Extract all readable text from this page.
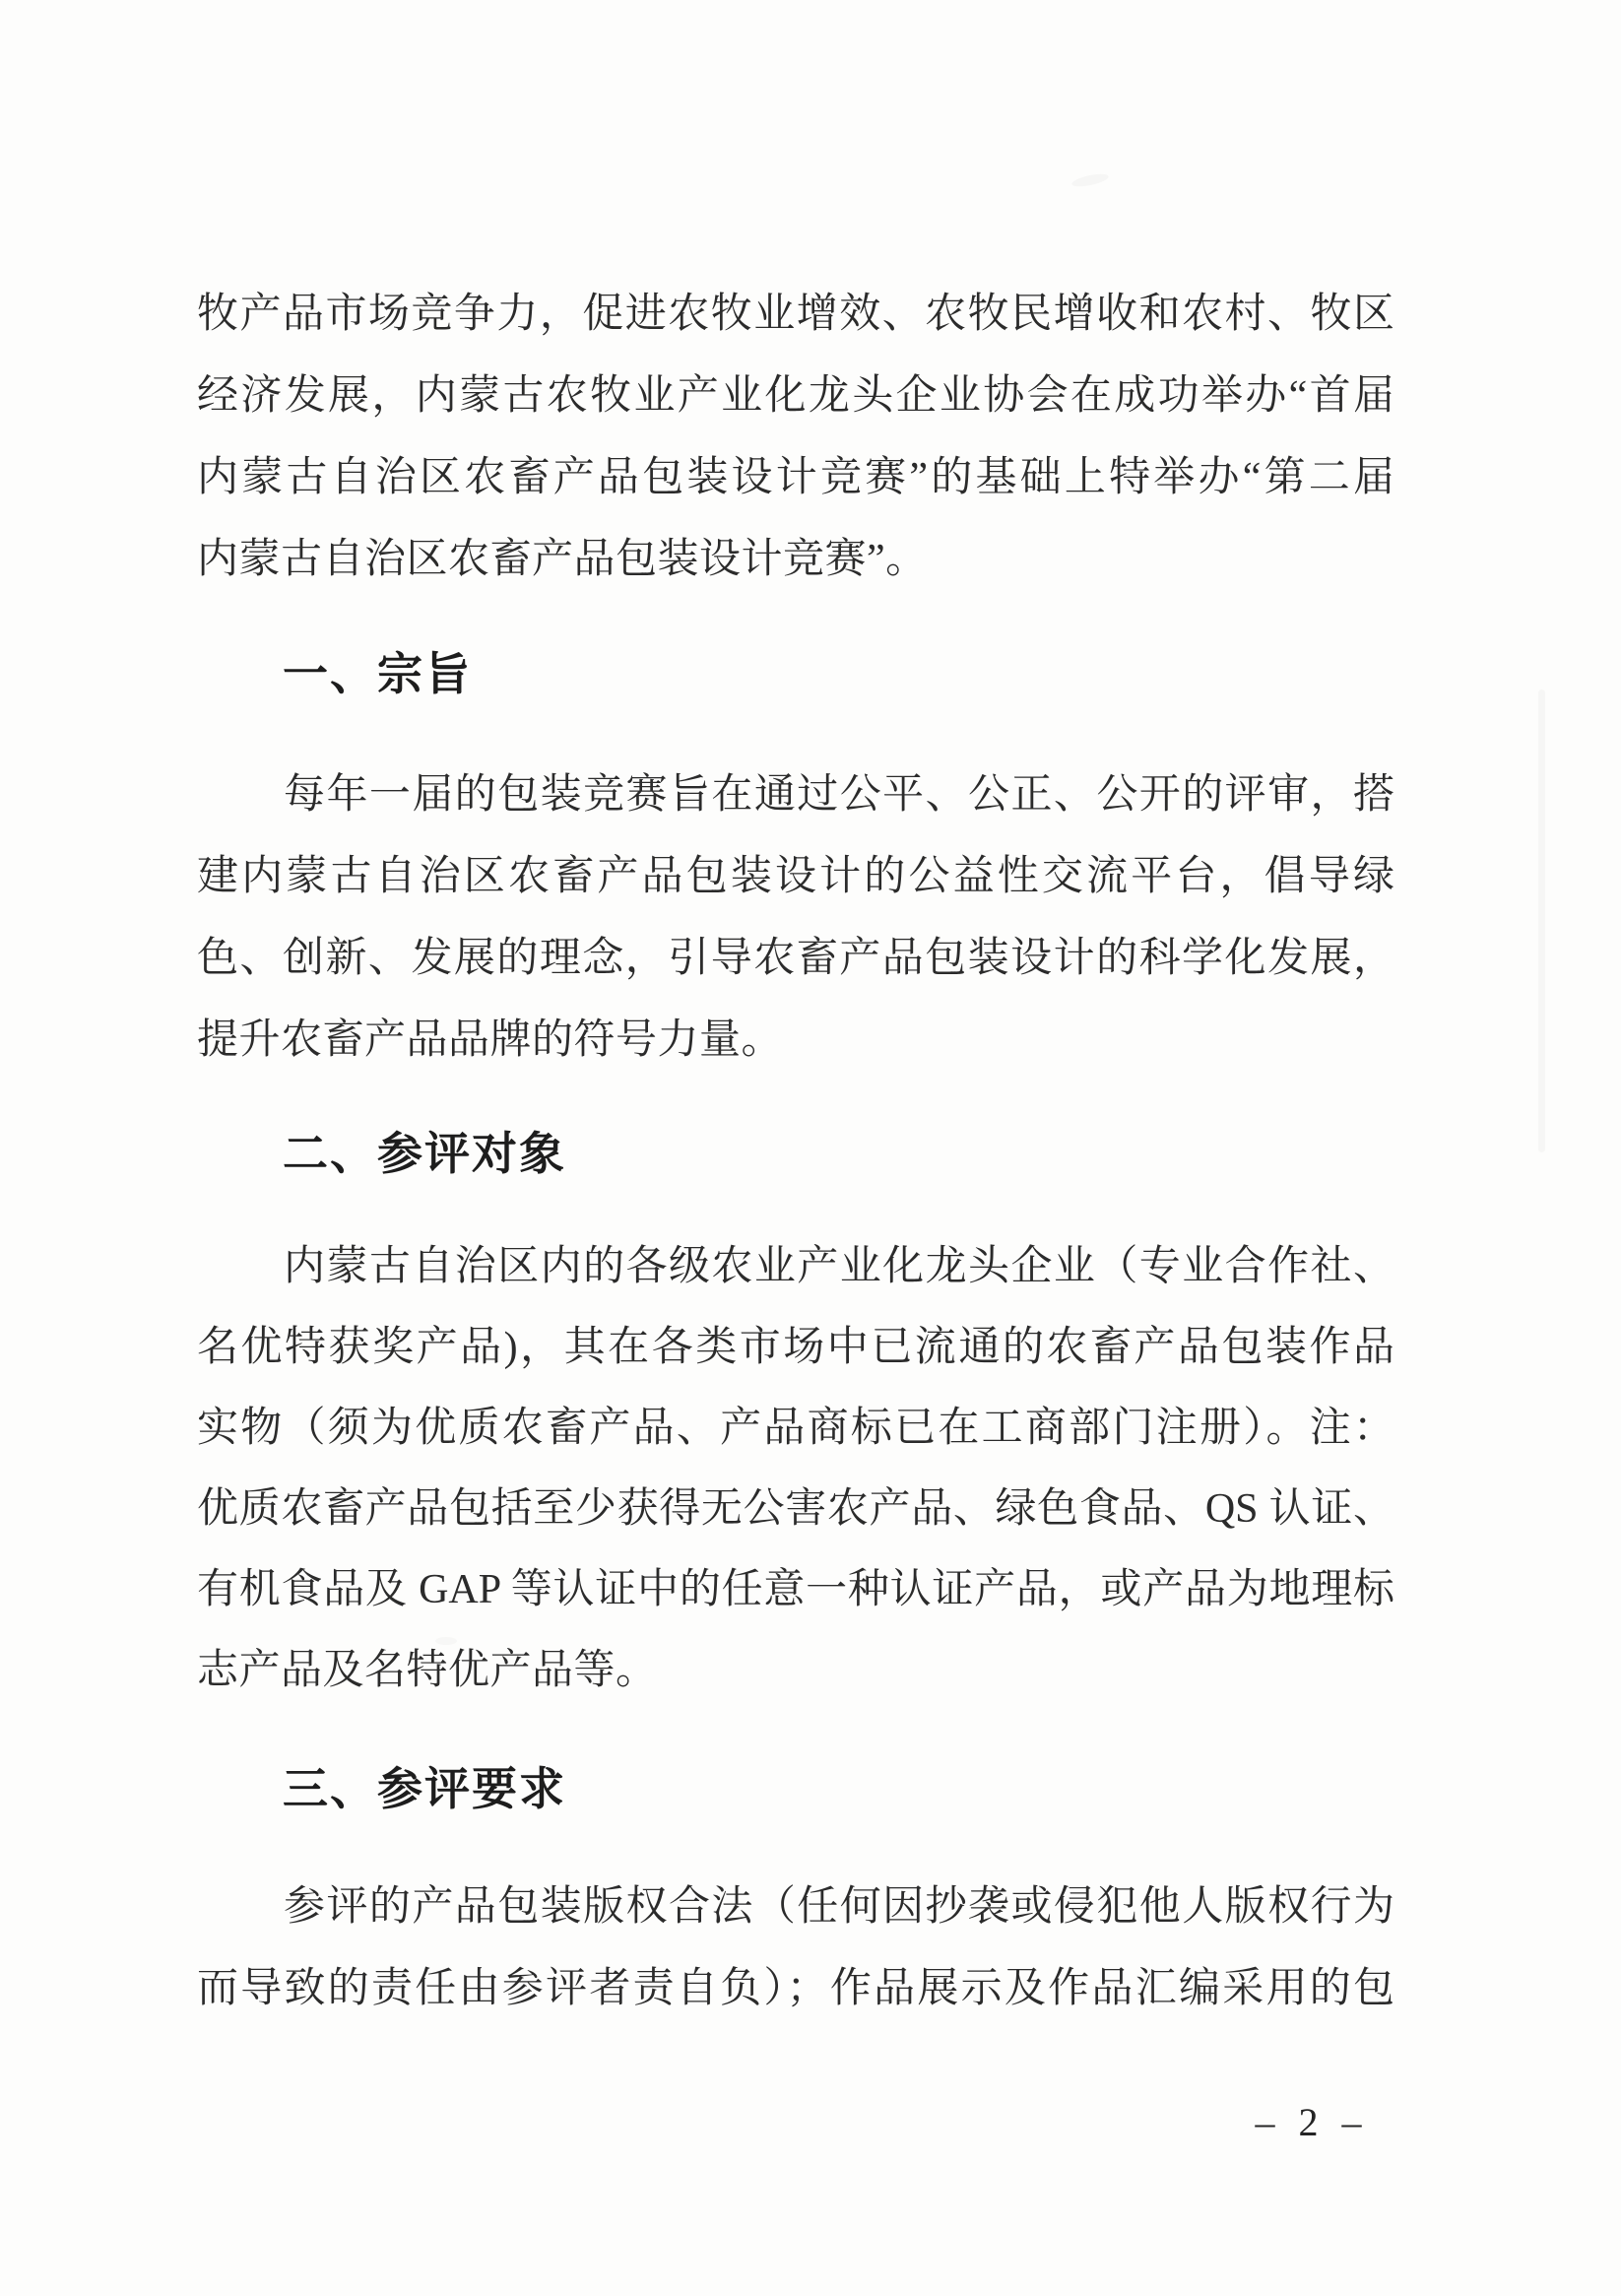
牧产品市场竞争力，促进农牧业增效、农牧民增收和农村、牧区
经济发展，内蒙古农牧业产业化龙头企业协会在成功举办“首届
内蒙古自治区农畜产品包装设计竞赛”的基础上特举办“第二届
内蒙古自治区农畜产品包装设计竞赛”。
一、宗旨
每年一届的包装竞赛旨在通过公平、公正、公开的评审，搭
建内蒙古自治区农畜产品包装设计的公益性交流平台，倡导绿
色、创新、发展的理念，引导农畜产品包装设计的科学化发展，
提升农畜产品品牌的符号力量。
二、参评对象
内蒙古自治区内的各级农业产业化龙头企业（专业合作社、
名优特获奖产品)，其在各类市场中已流通的农畜产品包装作品
实物（须为优质农畜产品、产品商标已在工商部门注册）。注：
优质农畜产品包括至少获得无公害农产品、绿色食品、QS 认证、
有机食品及 GAP 等认证中的任意一种认证产品，或产品为地理标
志产品及名特优产品等。
三、参评要求
参评的产品包装版权合法（任何因抄袭或侵犯他人版权行为
而导致的责任由参评者责自负）；作品展示及作品汇编采用的包
– 2 –
